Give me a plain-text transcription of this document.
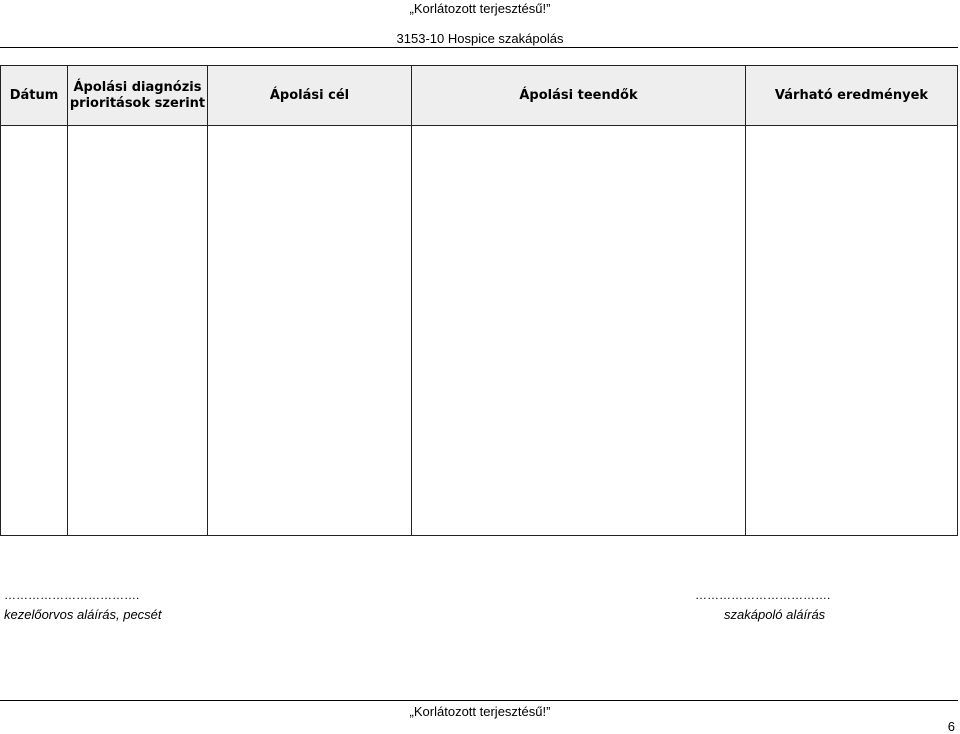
„Korlátozott terjesztésű!”
3153-10 Hospice szakápolás
Dátum	Ápolási diagnózis prioritások szerint	Ápolási cél	Ápolási teendők	Várható eredmények

…………………………….
kezelőorvos aláírás, pecsét
…………………………….
szakápoló aláírás
„Korlátozott terjesztésű!”
6
